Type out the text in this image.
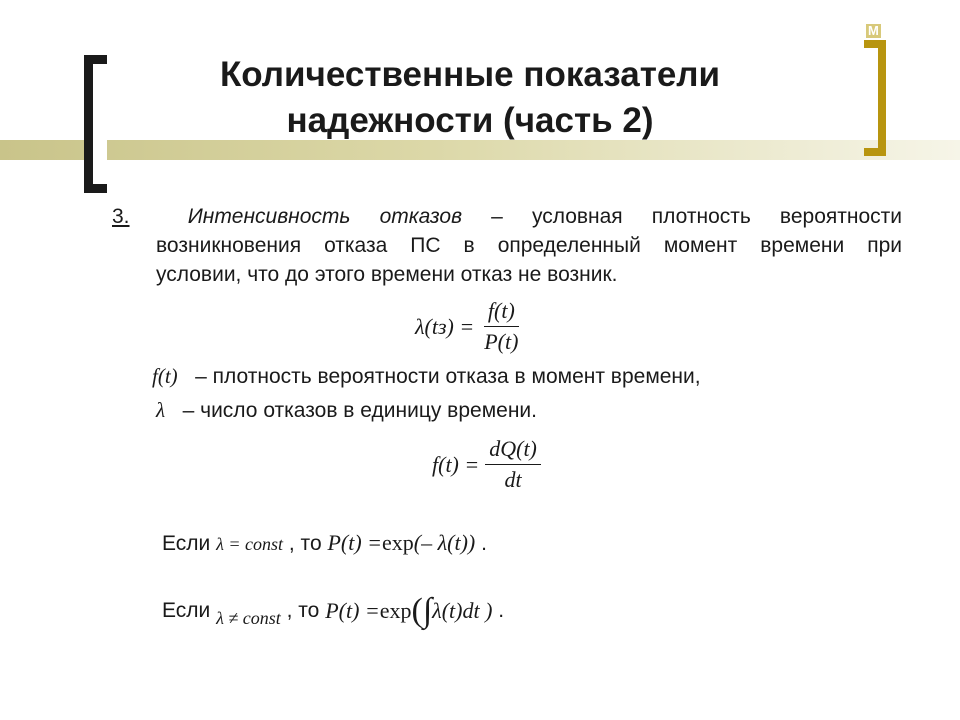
M
Количественные показатели
надежности (часть 2)
3.	Интенсивность отказов – условная плотность вероятности
возникновения отказа ПС в определенный момент времени при
условии, что до этого времени отказ не возник.
$\lambda(tз) = \frac{f(t)}{P(t)}$
f(t) – плотность вероятности отказа в момент времени,
λ – число отказов в единицу времени.
$f(t) = \frac{dQ(t)}{dt}$
Если
λ = const
, то
P(t) = exp (– λ(t))
.
Если
λ ≠ const
, то
P(t) = exp (∫ λ(t)dt )
.
